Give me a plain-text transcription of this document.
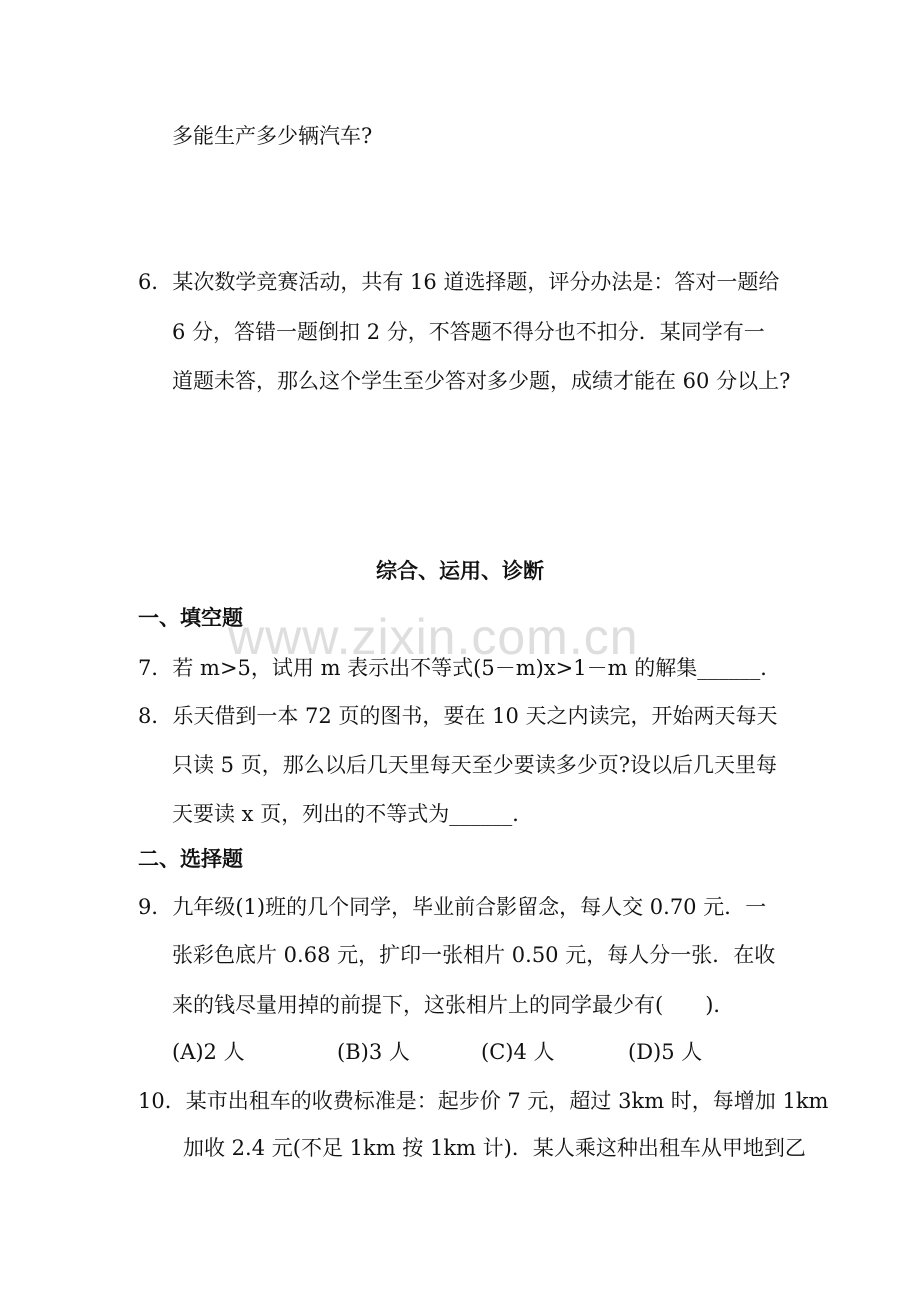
www.zixin.com.cn
多能生产多少辆汽车?
6．某次数学竞赛活动，共有 16 道选择题，评分办法是：答对一题给
6 分，答错一题倒扣 2 分，不答题不得分也不扣分．某同学有一
道题未答，那么这个学生至少答对多少题，成绩才能在 60 分以上?
综合、运用、诊断
一、填空题
7．若 m>5，试用 m 表示出不等式(5－m)x>1－m 的解集______．
8．乐天借到一本 72 页的图书，要在 10 天之内读完，开始两天每天
只读 5 页，那么以后几天里每天至少要读多少页?设以后几天里每
天要读 x 页，列出的不等式为______．
二、选择题
9．九年级(1)班的几个同学，毕业前合影留念，每人交 0.70 元．一
张彩色底片 0.68 元，扩印一张相片 0.50 元，每人分一张．在收
来的钱尽量用掉的前提下，这张相片上的同学最少有(　　)．
(A)2 人	(B)3 人	(C)4 人	(D)5 人
10．某市出租车的收费标准是：起步价 7 元，超过 3km 时，每增加 1km
加收 2.4 元(不足 1km 按 1km 计)．某人乘这种出租车从甲地到乙
